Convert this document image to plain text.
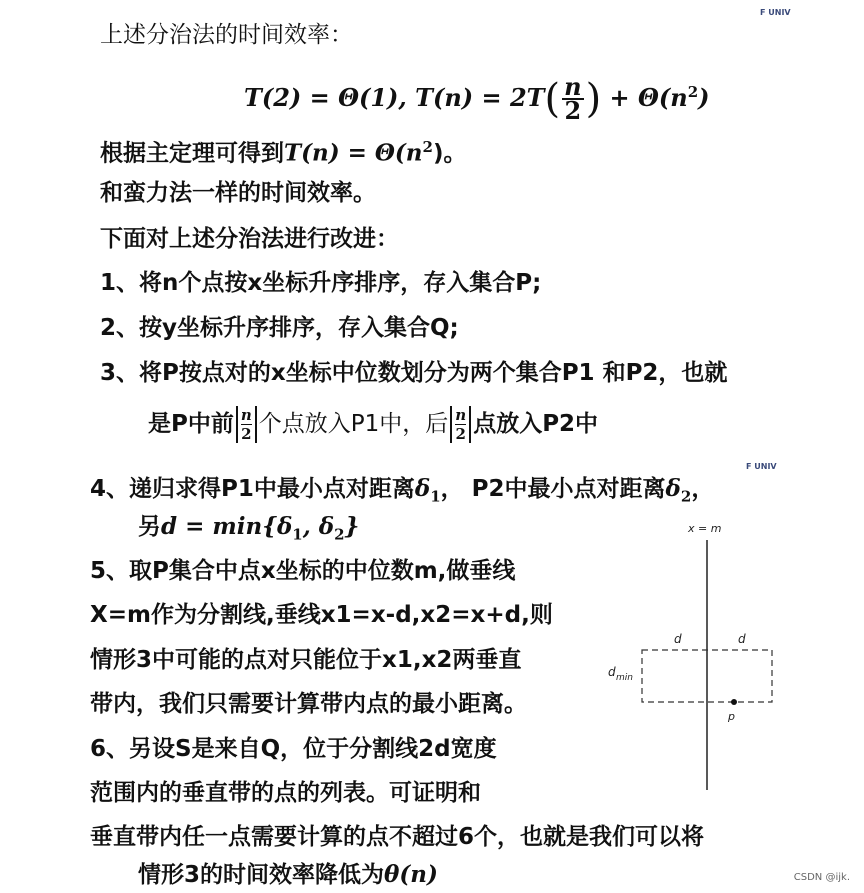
F UNIV
F UNIV
上述分治法的时间效率：
T(2) = Θ(1), $T(n) = 2T( \frac{n}{2}$ ) + $\Theta(n^2)$
根据主定理可得到$T(n) = \Theta(n^2)$。
和蛮力法一样的时间效率。
下面对上述分治法进行改进：
1、将n个点按x坐标升序排序，存入集合P;
2、按y坐标升序排序，存入集合Q;
3、将P按点对的x坐标中位数划分为两个集合P1 和P2，也就
是P中前 $\frac{n}{2}$ 个点放入P1中，后 $\frac{n}{2}$ 点放入P2中
4、递归求得P1中最小点对距离$\delta_1$， P2中最小点对距离$\delta_2$，
另$d = \min\{\delta_1$, $\delta_2$}
5、取P集合中点x坐标的中位数m,做垂线
X=m作为分割线,垂线x1=x-d,x2=x+d,则
情形3中可能的点对只能位于x1,x2两垂直
带内，我们只需要计算带内点的最小距离。
6、另设S是来自Q，位于分割线2d宽度
范围内的垂直带的点的列表。可证明和
垂直带内任一点需要计算的点不超过6个，也就是我们可以将
情形3的时间效率降低为θ(n)
x = m
d	d
d min
p
CSDN @ijk.
